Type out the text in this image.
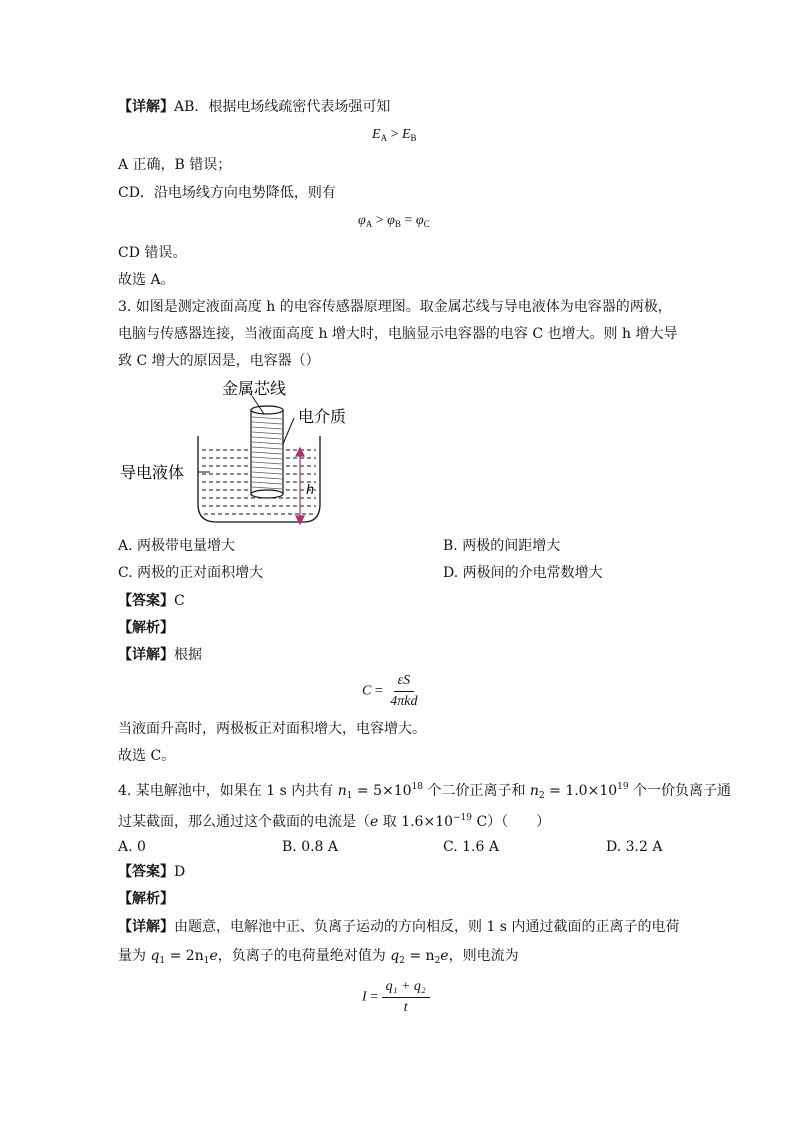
【详解】AB．根据电场线疏密代表场强可知
$E_A > E_B$
A 正确，B 错误；
CD．沿电场线方向电势降低，则有
$\varphi_A > \varphi_B = \varphi_C$
CD 错误。
故选 A。
3. 如图是测定液面高度 h 的电容传感器原理图。取金属芯线与导电液体为电容器的两极，
电脑与传感器连接，当液面高度 h 增大时，电脑显示电容器的电容 C 也增大。则 h 增大导
致 C 增大的原因是，电容器（）
金属芯线
电介质
导电液体
h
A. 两极带电量增大	B. 两极的间距增大
C. 两极的正对面积增大	D. 两极间的介电常数增大
【答案】C
【解析】
【详解】根据
$C = \frac{\varepsilon S}{\text{4πkd}}$
当液面升高时，两极板正对面积增大，电容增大。
故选 C。
4. 某电解池中，如果在 1 s 内共有 $n_1 = 5\times 10^{18}$ 个二价正离子和 $n_2 = 1.0\times 10^{19}$ 个一价负离子通
过某截面，那么通过这个截面的电流是（e 取 $1.6\times 10^{-19}$ C）（　　）
A. 0	B. 0.8 A	C. 1.6 A	D. 3.2 A
【答案】D
【解析】
【详解】由题意，电解池中正、负离子运动的方向相反，则 1 s 内通过截面的正离子的电荷
量为 $q_1 = 2n_1e$，负离子的电荷量绝对值为 $q_2 = n_2e$，则电流为
$I = \frac{\text{q₁ + q₂}}{t}$
